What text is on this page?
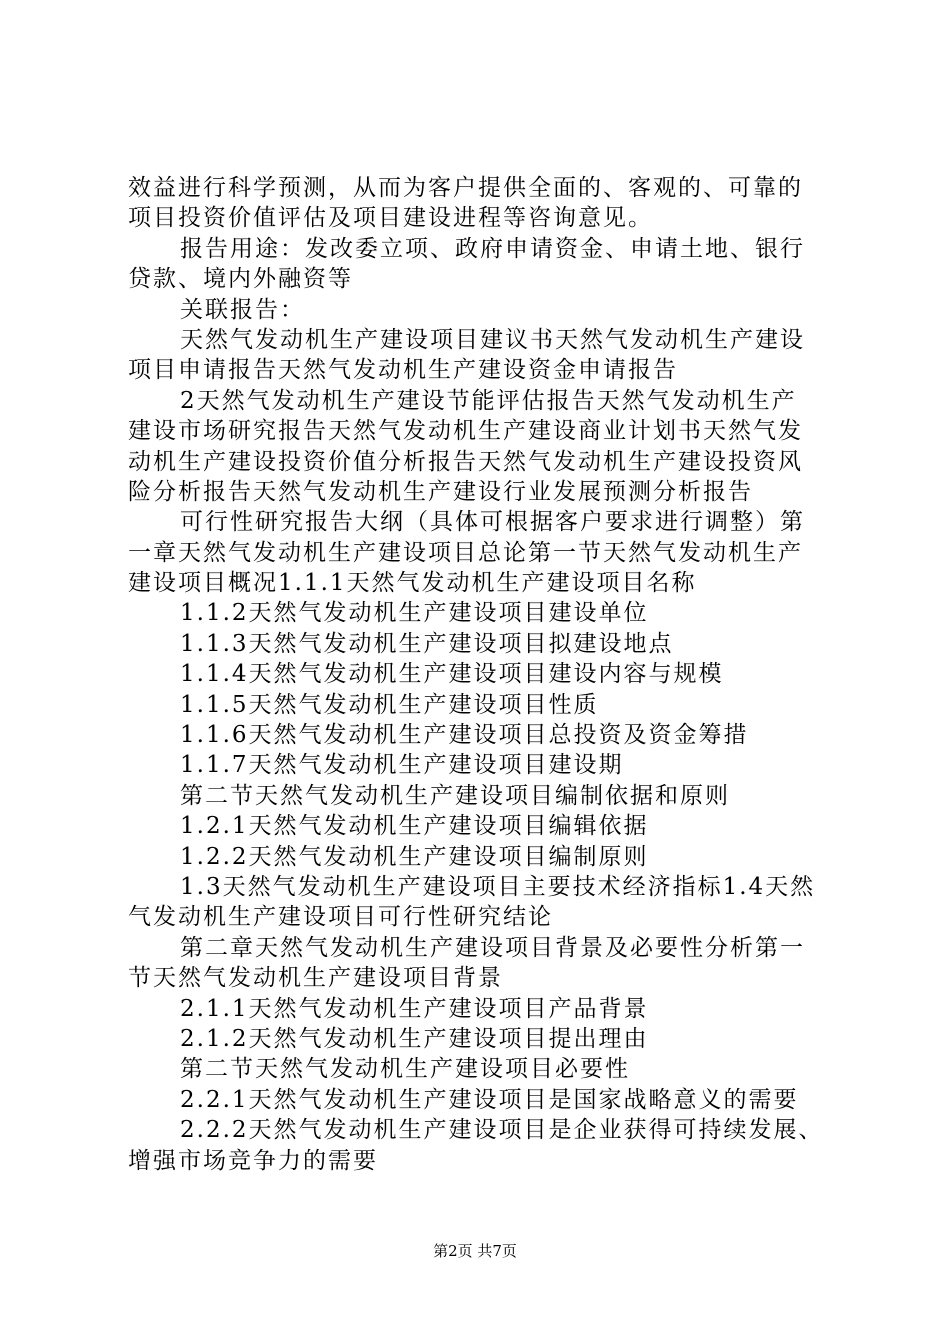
效益进行科学预测，从而为客户提供全面的、客观的、可靠的
项目投资价值评估及项目建设进程等咨询意见。
报告用途：发改委立项、政府申请资金、申请土地、银行
贷款、境内外融资等
关联报告：
天然气发动机生产建设项目建议书天然气发动机生产建设
项目申请报告天然气发动机生产建设资金申请报告
2天然气发动机生产建设节能评估报告天然气发动机生产
建设市场研究报告天然气发动机生产建设商业计划书天然气发
动机生产建设投资价值分析报告天然气发动机生产建设投资风
险分析报告天然气发动机生产建设行业发展预测分析报告
可行性研究报告大纲（具体可根据客户要求进行调整）第
一章天然气发动机生产建设项目总论第一节天然气发动机生产
建设项目概况1.1.1天然气发动机生产建设项目名称
1.1.2天然气发动机生产建设项目建设单位
1.1.3天然气发动机生产建设项目拟建设地点
1.1.4天然气发动机生产建设项目建设内容与规模
1.1.5天然气发动机生产建设项目性质
1.1.6天然气发动机生产建设项目总投资及资金筹措
1.1.7天然气发动机生产建设项目建设期
第二节天然气发动机生产建设项目编制依据和原则
1.2.1天然气发动机生产建设项目编辑依据
1.2.2天然气发动机生产建设项目编制原则
1.3天然气发动机生产建设项目主要技术经济指标1.4天然
气发动机生产建设项目可行性研究结论
第二章天然气发动机生产建设项目背景及必要性分析第一
节天然气发动机生产建设项目背景
2.1.1天然气发动机生产建设项目产品背景
2.1.2天然气发动机生产建设项目提出理由
第二节天然气发动机生产建设项目必要性
2.2.1天然气发动机生产建设项目是国家战略意义的需要
2.2.2天然气发动机生产建设项目是企业获得可持续发展、
增强市场竞争力的需要
第2页 共7页
